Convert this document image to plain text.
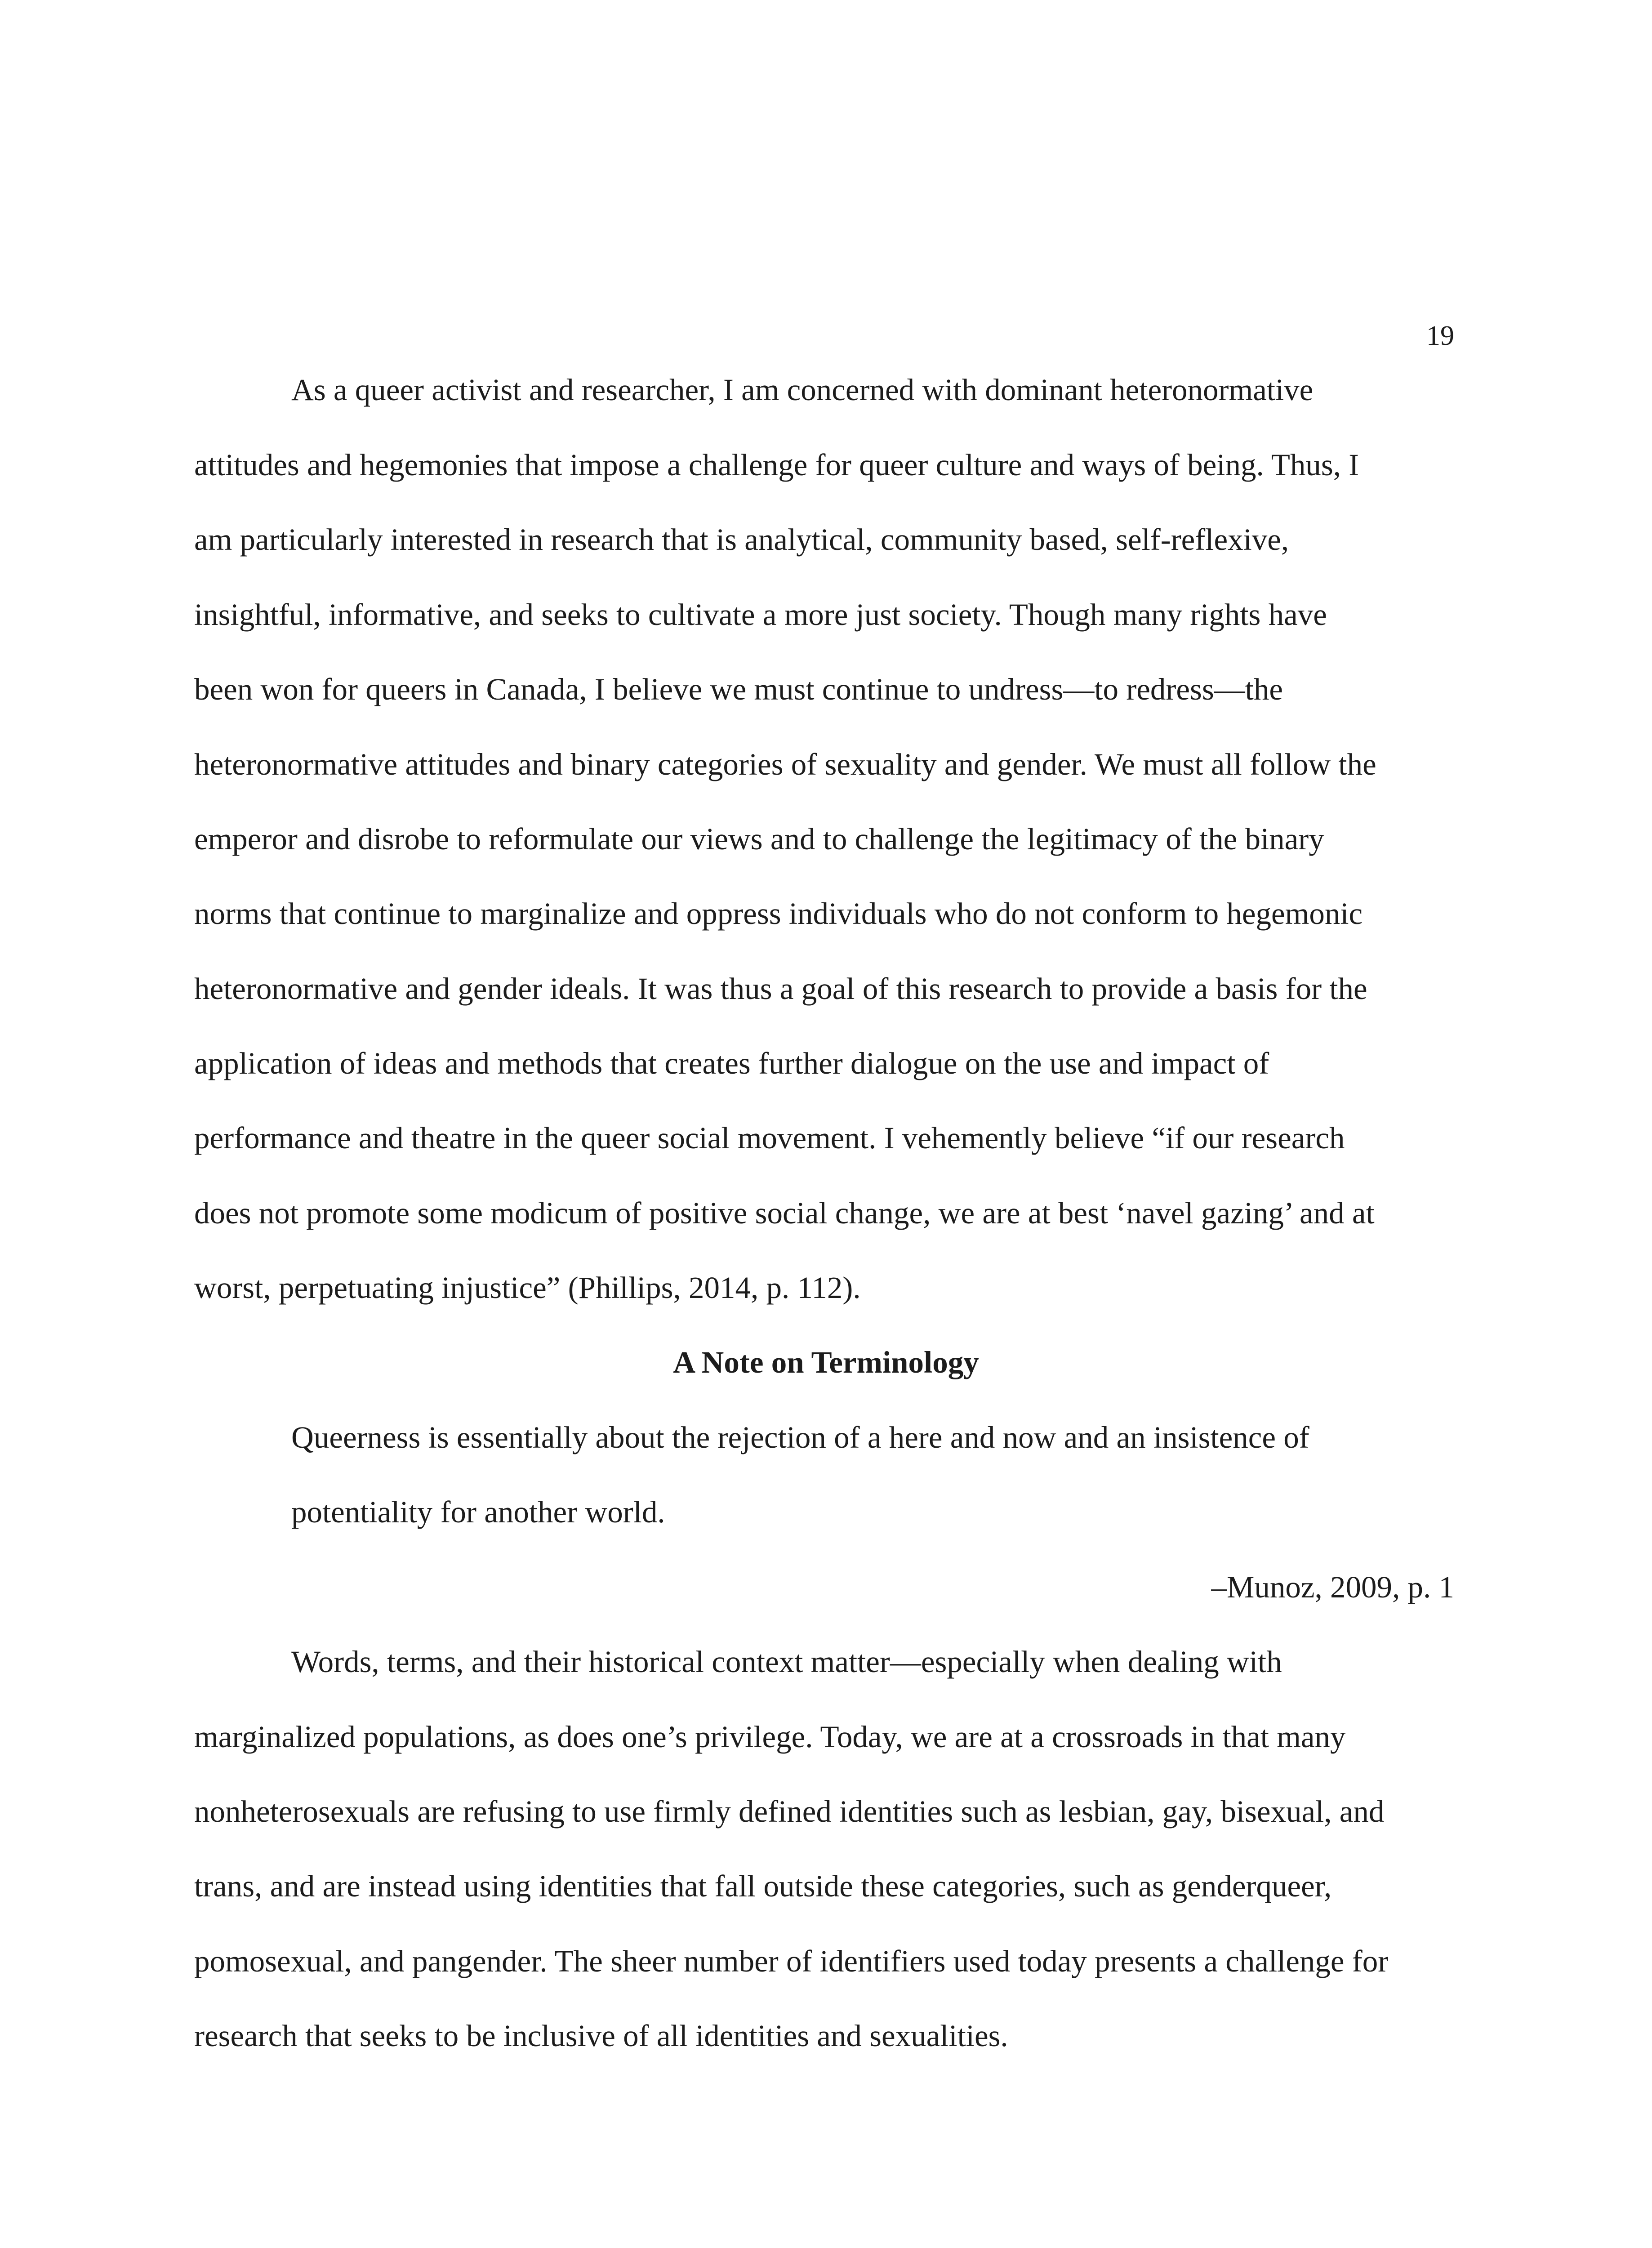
19
As a queer activist and researcher, I am concerned with dominant heteronormative
attitudes and hegemonies that impose a challenge for queer culture and ways of being. Thus, I
am particularly interested in research that is analytical, community based, self-reflexive,
insightful, informative, and seeks to cultivate a more just society. Though many rights have
been won for queers in Canada, I believe we must continue to undress—to redress—the
heteronormative attitudes and binary categories of sexuality and gender. We must all follow the
emperor and disrobe to reformulate our views and to challenge the legitimacy of the binary
norms that continue to marginalize and oppress individuals who do not conform to hegemonic
heteronormative and gender ideals. It was thus a goal of this research to provide a basis for the
application of ideas and methods that creates further dialogue on the use and impact of
performance and theatre in the queer social movement. I vehemently believe “if our research
does not promote some modicum of positive social change, we are at best ‘navel gazing’ and at
worst, perpetuating injustice” (Phillips, 2014, p. 112).
A Note on Terminology
Queerness is essentially about the rejection of a here and now and an insistence of
potentiality for another world.
–Munoz, 2009, p. 1
Words, terms, and their historical context matter—especially when dealing with
marginalized populations, as does one’s privilege. Today, we are at a crossroads in that many
nonheterosexuals are refusing to use firmly defined identities such as lesbian, gay, bisexual, and
trans, and are instead using identities that fall outside these categories, such as genderqueer,
pomosexual, and pangender. The sheer number of identifiers used today presents a challenge for
research that seeks to be inclusive of all identities and sexualities.
